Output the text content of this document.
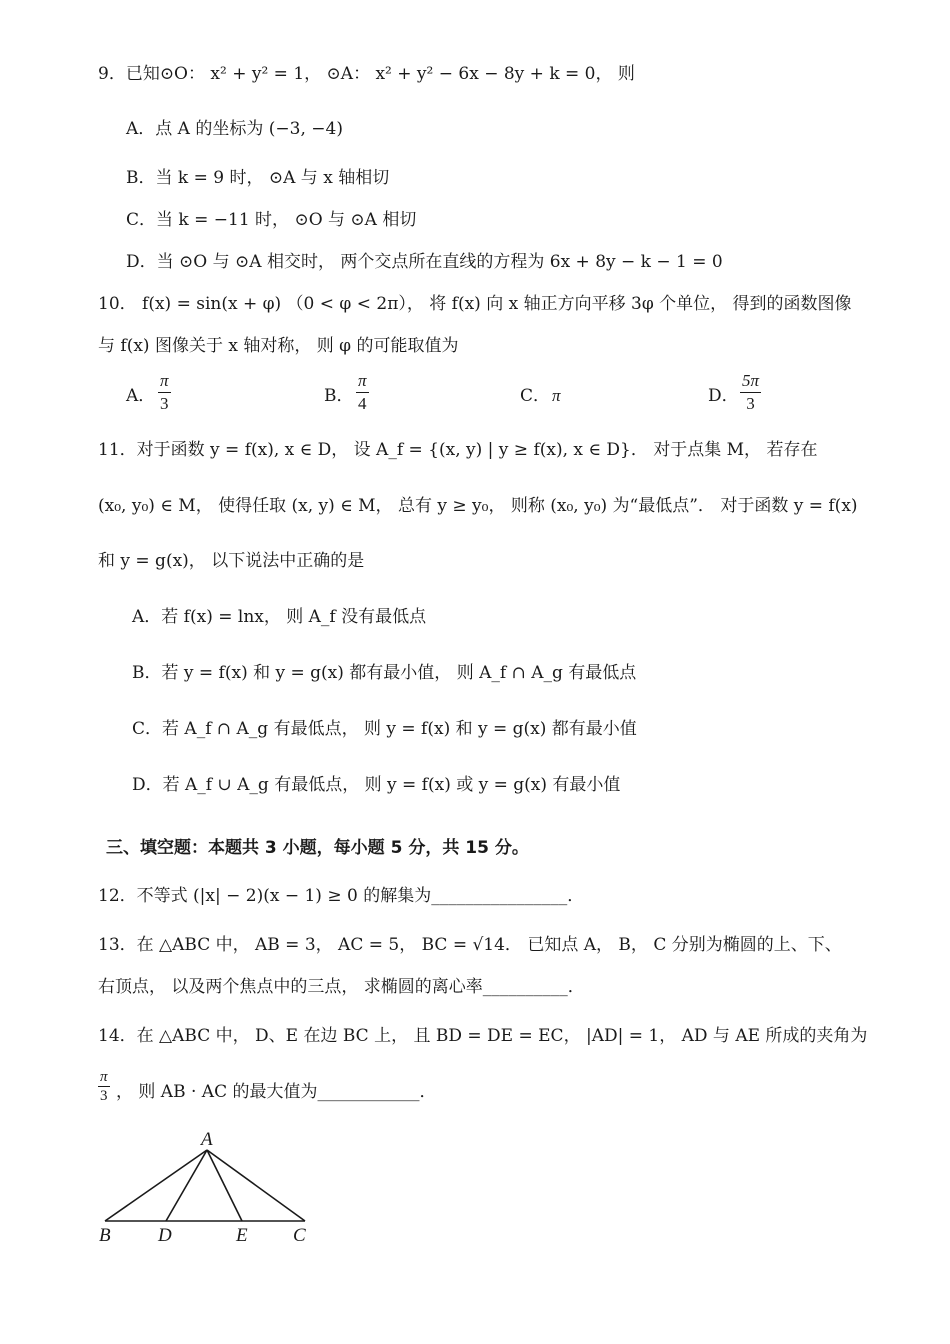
9．已知⊙O： x² + y² = 1， ⊙A： x² + y² − 6x − 8y + k = 0， 则
A．点 A 的坐标为 (−3, −4)
B．当 k = 9 时， ⊙A 与 x 轴相切
C．当 k = −11 时， ⊙O 与 ⊙A 相切
D．当 ⊙O 与 ⊙A 相交时， 两个交点所在直线的方程为 6x + 8y − k − 1 = 0
10． f(x) = sin(x + φ) （0 < φ < 2π）， 将 f(x) 向 x 轴正方向平移 3φ 个单位， 得到的函数图像
与 f(x) 图像关于 x 轴对称， 则 φ 的可能取值为
A． $\frac{\pi}{3}$	B． $\frac{\pi}{4}$	C． π	D． $\frac{5\pi}{3}$
11．对于函数 y = f(x), x ∈ D， 设 A_f = {(x, y) | y ≥ f(x), x ∈ D}． 对于点集 M， 若存在
(x₀, y₀) ∈ M， 使得任取 (x, y) ∈ M， 总有 y ≥ y₀， 则称 (x₀, y₀) 为“最低点”． 对于函数 y = f(x)
和 y = g(x)， 以下说法中正确的是
A．若 f(x) = lnx， 则 A_f 没有最低点
B．若 y = f(x) 和 y = g(x) 都有最小值， 则 A_f ∩ A_g 有最低点
C．若 A_f ∩ A_g 有最低点， 则 y = f(x) 和 y = g(x) 都有最小值
D．若 A_f ∪ A_g 有最低点， 则 y = f(x) 或 y = g(x) 有最小值
三、填空题：本题共 3 小题，每小题 5 分，共 15 分。
12．不等式 (|x| − 2)(x − 1) ≥ 0 的解集为________________．
13．在 △ABC 中， AB = 3， AC = 5， BC = √14． 已知点 A， B， C 分别为椭圆的上、下、
右顶点， 以及两个焦点中的三点， 求椭圆的离心率__________．
14．在 △ABC 中， D、E 在边 BC 上， 且 BD = DE = EC， |AD| = 1， AD 与 AE 所成的夹角为
$\frac{\pi}{3}$ ， 则 AB · AC 的最大值为____________．
A
B D	E C
